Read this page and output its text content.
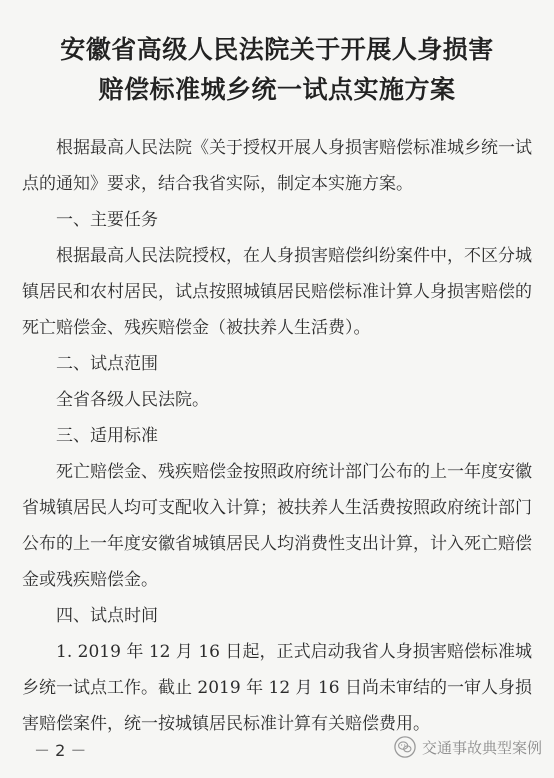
安徽省高级人民法院关于开展人身损害
赔偿标准城乡统一试点实施方案

根据最高人民法院《关于授权开展人身损害赔偿标准城乡统一试点的通知》要求，结合我省实际，制定本实施方案。

一、主要任务

根据最高人民法院授权，在人身损害赔偿纠纷案件中，不区分城镇居民和农村居民，试点按照城镇居民赔偿标准计算人身损害赔偿的死亡赔偿金、残疾赔偿金（被扶养人生活费）。

二、试点范围

全省各级人民法院。

三、适用标准

死亡赔偿金、残疾赔偿金按照政府统计部门公布的上一年度安徽省城镇居民人均可支配收入计算；被扶养人生活费按照政府统计部门公布的上一年度安徽省城镇居民人均消费性支出计算，计入死亡赔偿金或残疾赔偿金。

四、试点时间

1. 2019 年 12 月 16 日起，正式启动我省人身损害赔偿标准城乡统一试点工作。截止 2019 年 12 月 16 日尚未审结的一审人身损害赔偿案件，统一按城镇居民标准计算有关赔偿费用。

－ 2 －	交通事故典型案例
